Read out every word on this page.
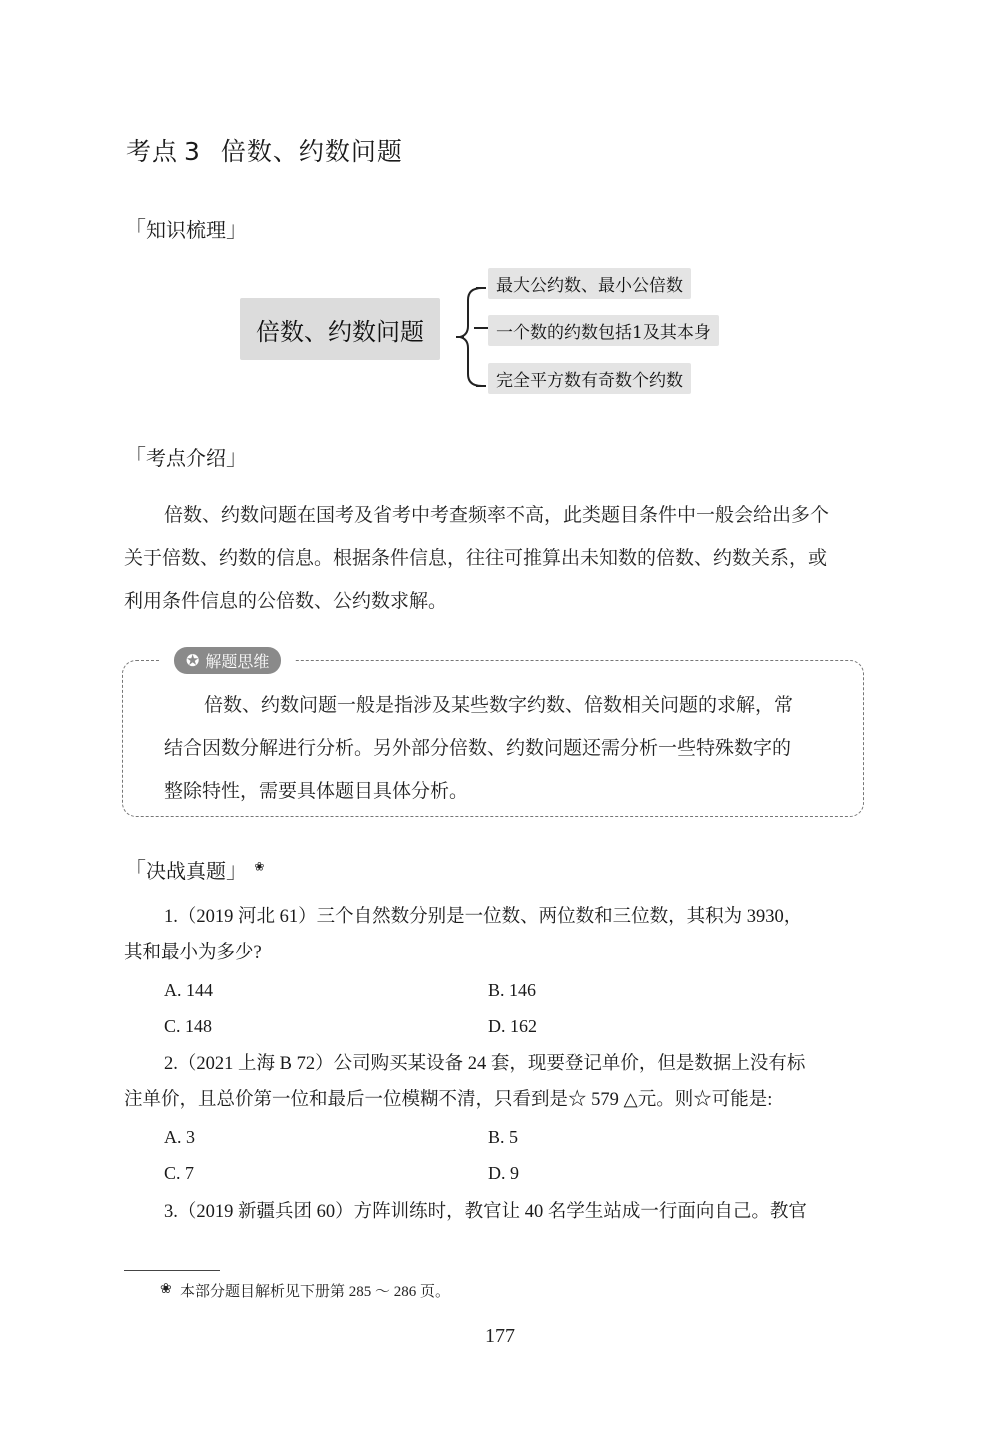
考点 3 倍数、约数问题
「知识梳理」
倍数、约数问题
最大公约数、最小公倍数
一个数的约数包括1及其本身
完全平方数有奇数个约数
「考点介绍」
倍数、约数问题在国考及省考中考查频率不高，此类题目条件中一般会给出多个
关于倍数、约数的信息。根据条件信息，往往可推算出未知数的倍数、约数关系，或
利用条件信息的公倍数、公约数求解。
✪ 解题思维
倍数、约数问题一般是指涉及某些数字约数、倍数相关问题的求解，常
结合因数分解进行分析。另外部分倍数、约数问题还需分析一些特殊数字的
整除特性，需要具体题目具体分析。
「决战真题」 ❀
1.（2019 河北 61）三个自然数分别是一位数、两位数和三位数，其积为 3930，
其和最小为多少?
A. 144	B. 146
C. 148	D. 162
2.（2021 上海 B 72）公司购买某设备 24 套，现要登记单价，但是数据上没有标
注单价，且总价第一位和最后一位模糊不清，只看到是☆ 579 △元。则☆可能是:
A. 3	B. 5
C. 7	D. 9
3.（2019 新疆兵团 60）方阵训练时，教官让 40 名学生站成一行面向自己。教官
❀ 本部分题目解析见下册第 285 ～ 286 页。
177
